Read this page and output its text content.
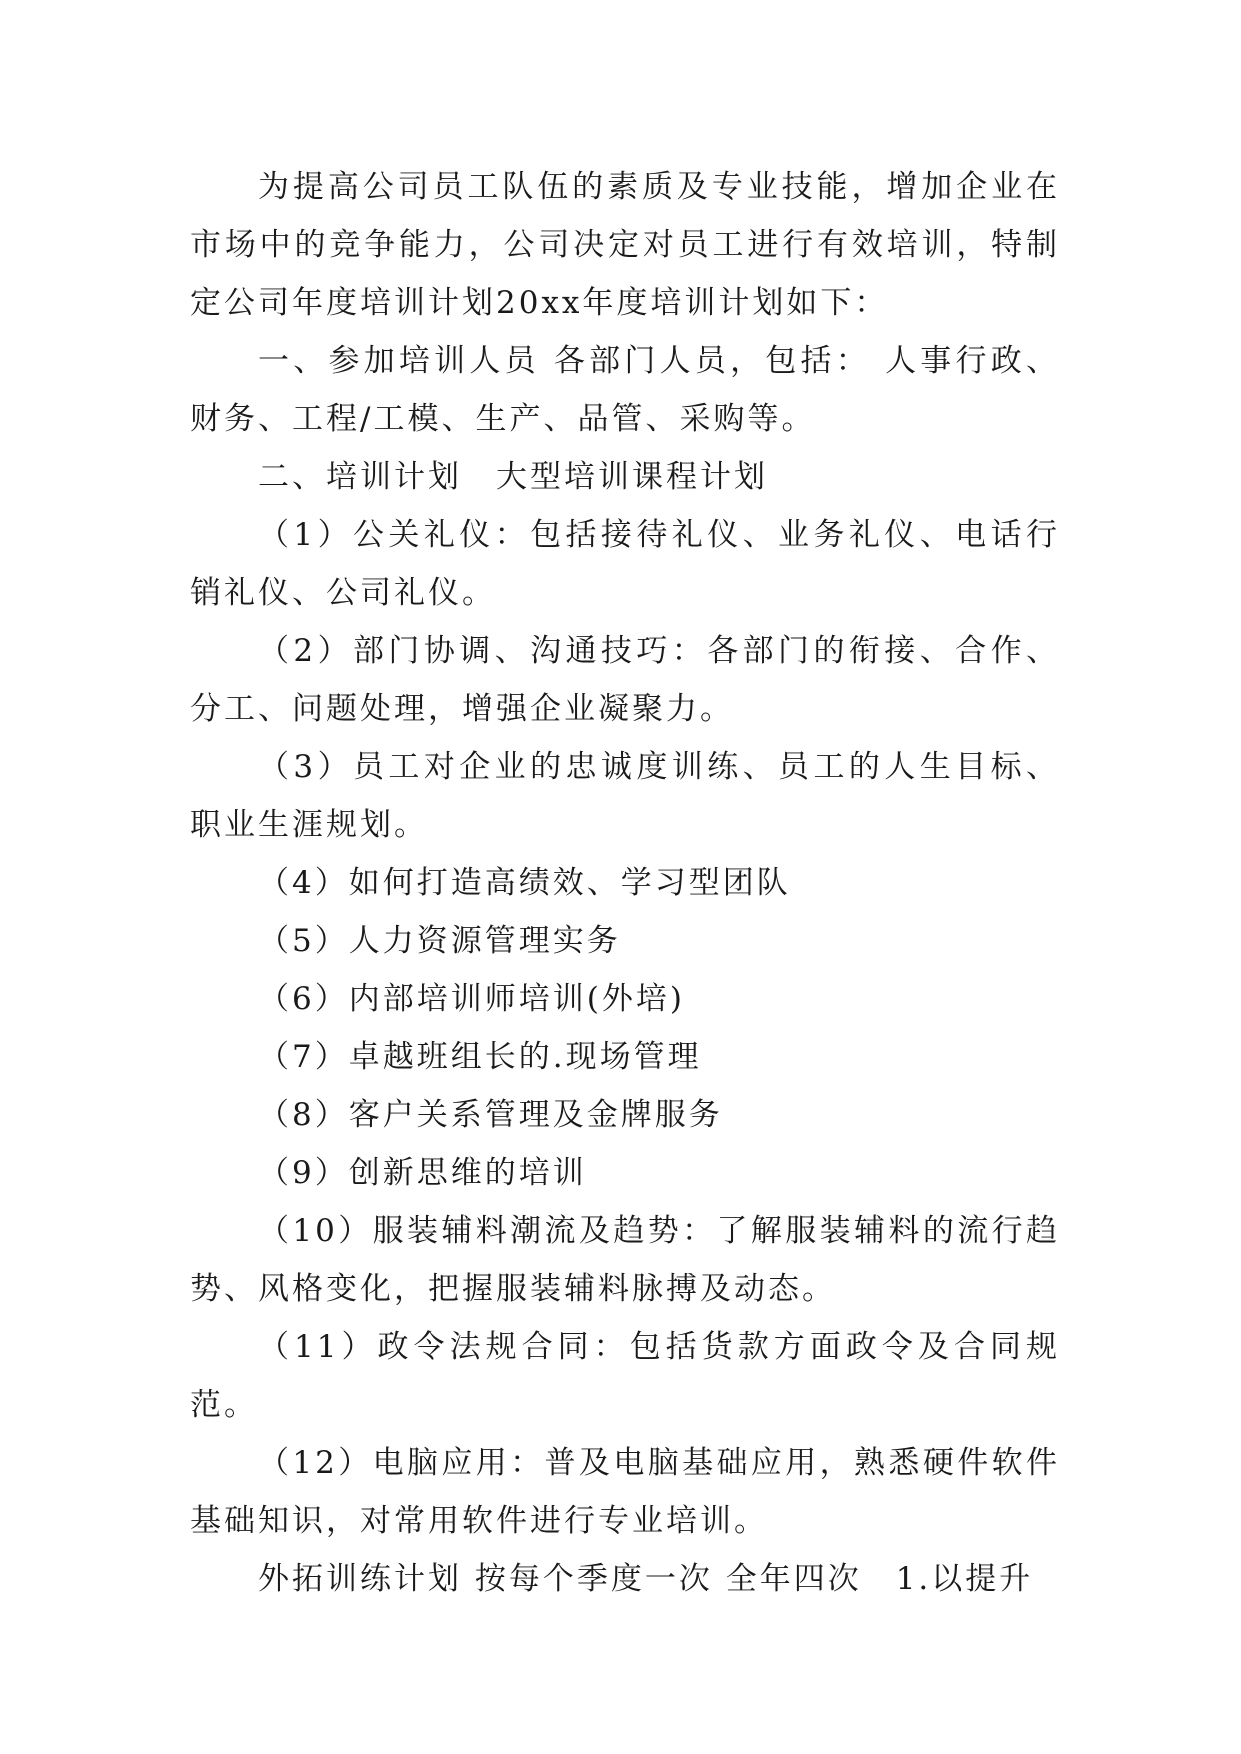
为提高公司员工队伍的素质及专业技能，增加企业在市场中的竞争能力，公司决定对员工进行有效培训，特制定公司年度培训计划20xx年度培训计划如下：

一、参加培训人员 各部门人员，包括： 人事行政、财务、工程/工模、生产、品管、采购等。

二、培训计划　大型培训课程计划

（1）公关礼仪：包括接待礼仪、业务礼仪、电话行销礼仪、公司礼仪。

（2）部门协调、沟通技巧：各部门的衔接、合作、分工、问题处理，增强企业凝聚力。

（3）员工对企业的忠诚度训练、员工的人生目标、职业生涯规划。

（4）如何打造高绩效、学习型团队

（5）人力资源管理实务

（6）内部培训师培训(外培)

（7）卓越班组长的.现场管理

（8）客户关系管理及金牌服务

（9）创新思维的培训

（10）服装辅料潮流及趋势：了解服装辅料的流行趋势、风格变化，把握服装辅料脉搏及动态。

（11）政令法规合同：包括货款方面政令及合同规范。

（12）电脑应用：普及电脑基础应用，熟悉硬件软件基础知识，对常用软件进行专业培训。

外拓训练计划 按每个季度一次 全年四次　1.以提升
